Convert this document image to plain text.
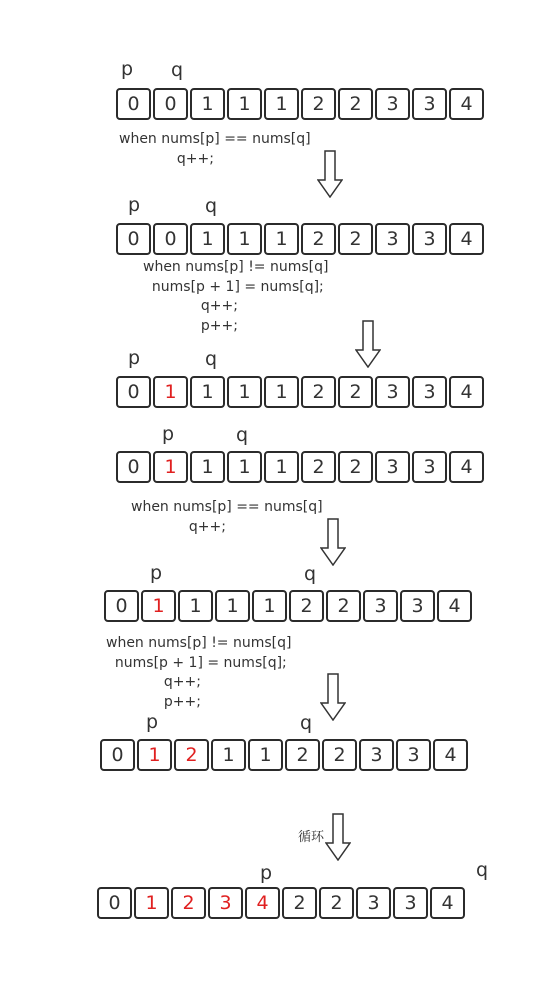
p q
0	0	1	1	1	2	2	3	3	4
when nums[p] == nums[q]
q++;
p	q
0	0	1	1	1	2	2	3	3	4
when nums[p] != nums[q]
nums[p + 1] = nums[q];
q++;
p++;
p	q
0	1	1	1	1	2	2	3	3	4
p	q
0	1	1	1	1	2	2	3	3	4
when nums[p] == nums[q]
q++;
p	q
0	1	1	1	1	2	2	3	3	4
when nums[p] != nums[q]
nums[p + 1] = nums[q];
q++;
p++;
p	q
0	1	2	1	1	2	2	3	3	4
循环
p	q
0	1	2	3	4	2	2	3	3	4
